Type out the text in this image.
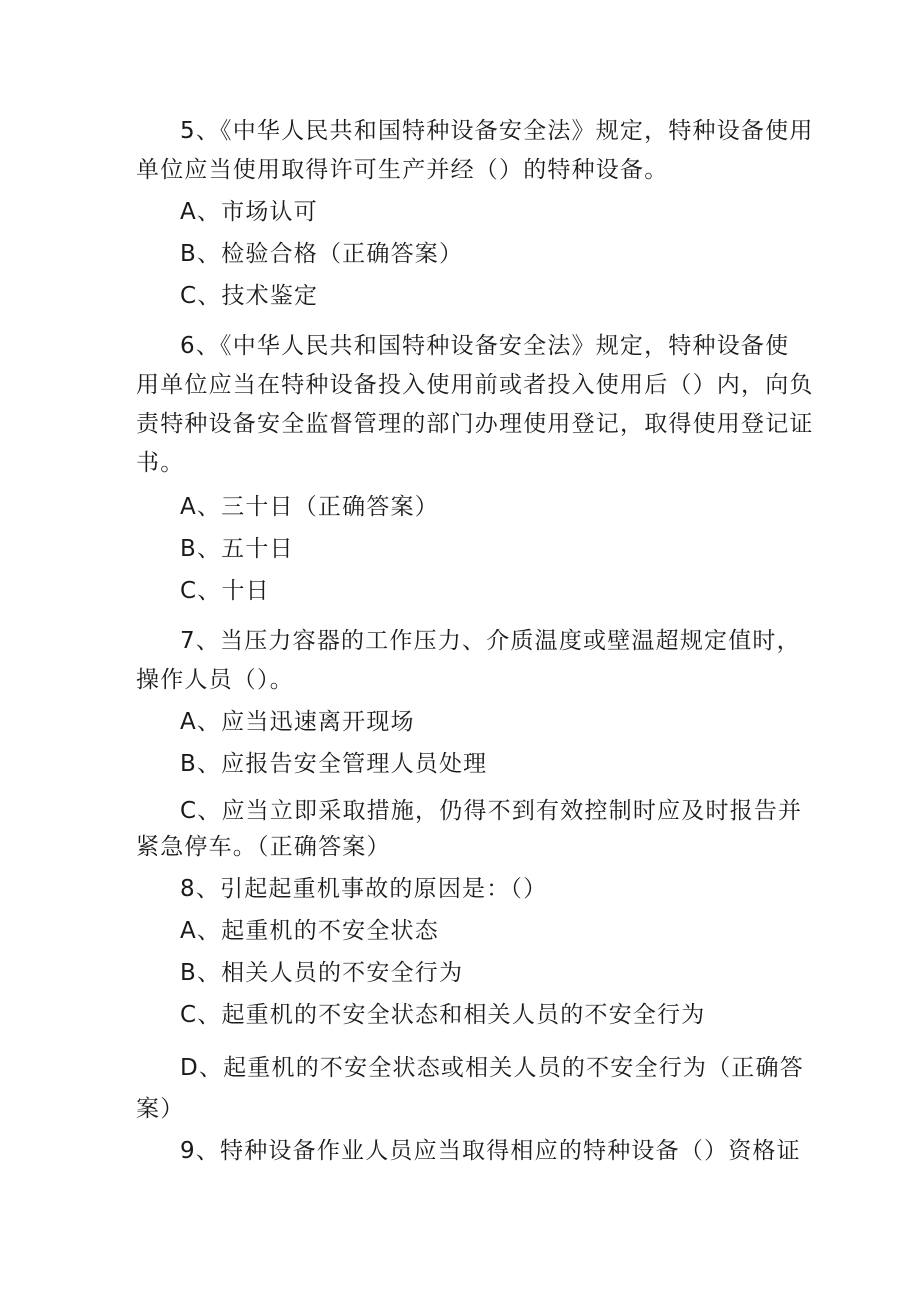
5、《中华人民共和国特种设备安全法》规定，特种设备使用

单位应当使用取得许可生产并经（）的特种设备。

A、市场认可

B、检验合格（正确答案）

C、技术鉴定

6、《中华人民共和国特种设备安全法》规定，特种设备使

用单位应当在特种设备投入使用前或者投入使用后（）内，向负

责特种设备安全监督管理的部门办理使用登记，取得使用登记证

书。

A、三十日（正确答案）

B、五十日

C、十日

7、当压力容器的工作压力、介质温度或壁温超规定值时，

操作人员（）。

A、应当迅速离开现场

B、应报告安全管理人员处理

C、应当立即采取措施，仍得不到有效控制时应及时报告并

紧急停车。（正确答案）

8、引起起重机事故的原因是：（）

A、起重机的不安全状态

B、相关人员的不安全行为

C、起重机的不安全状态和相关人员的不安全行为

D、起重机的不安全状态或相关人员的不安全行为（正确答

案）

9、特种设备作业人员应当取得相应的特种设备（）资格证
